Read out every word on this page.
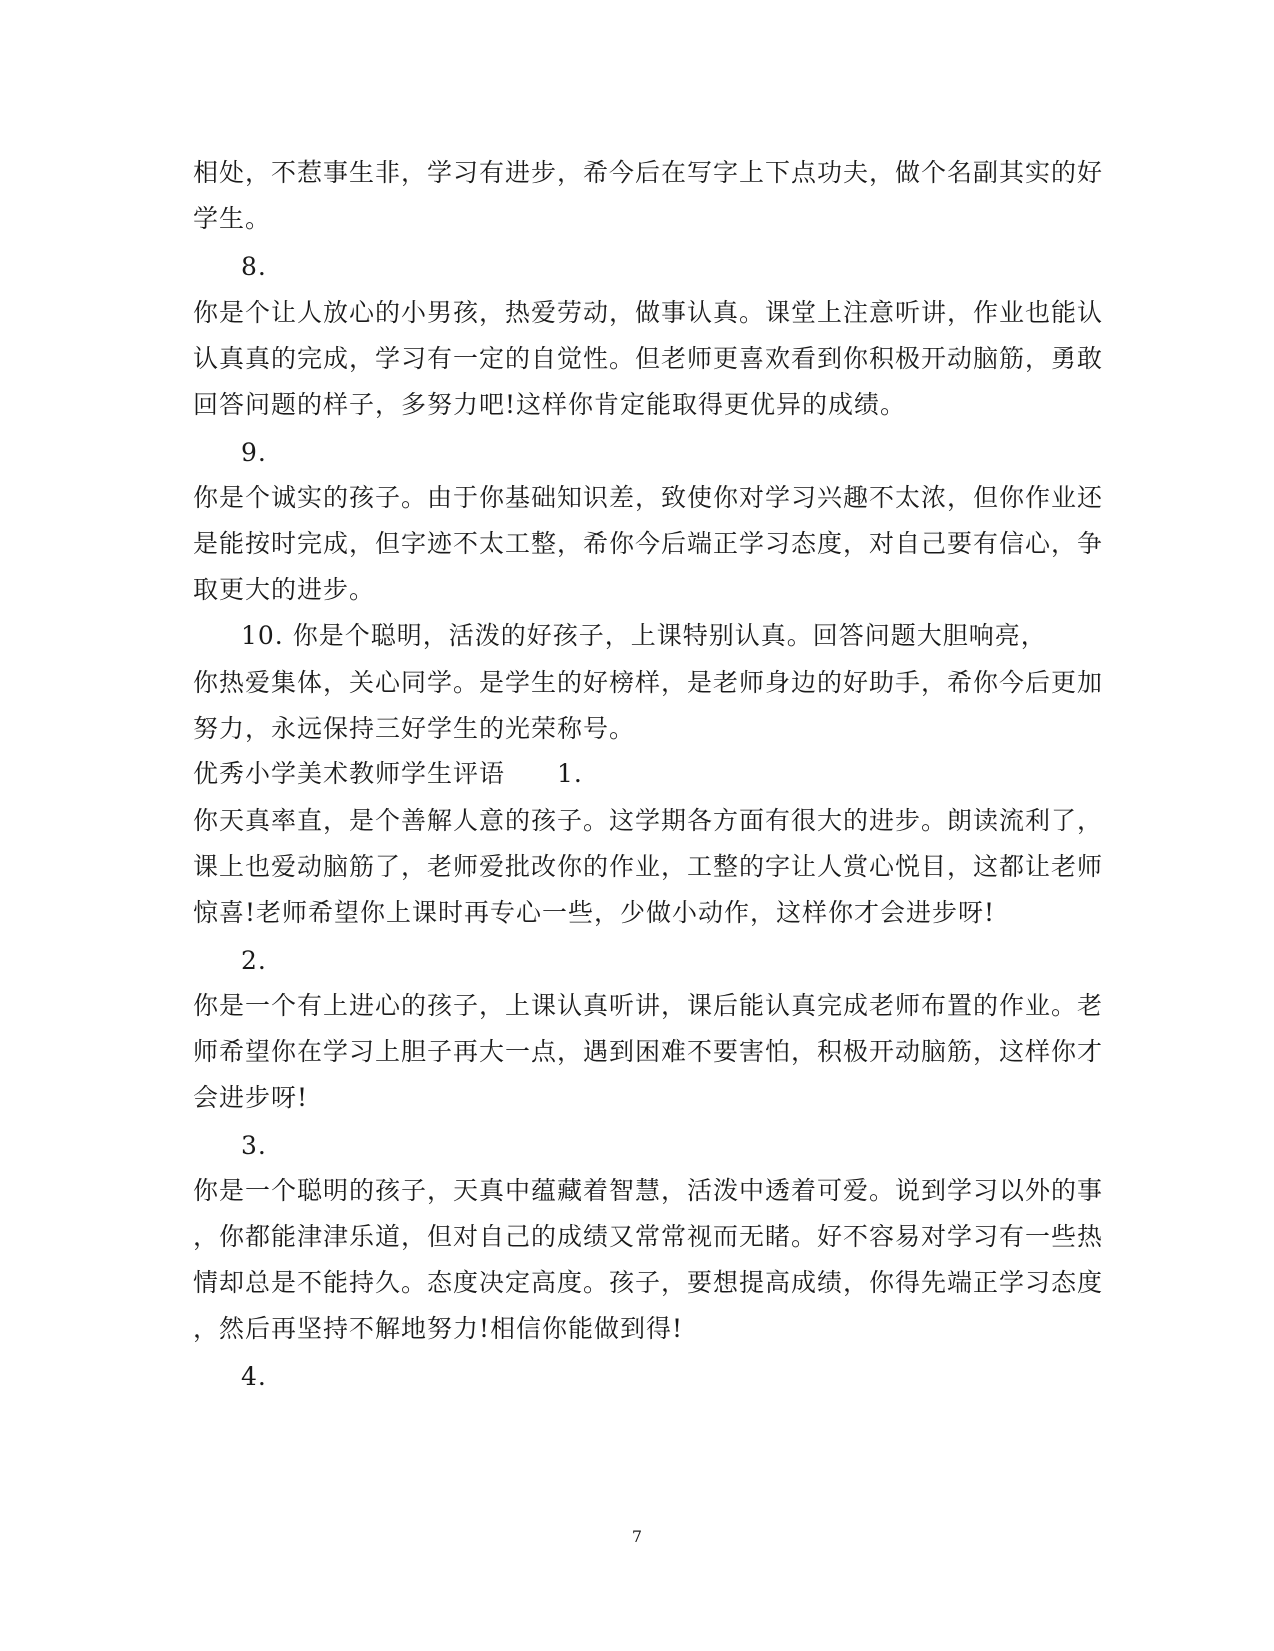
相处，不惹事生非，学习有进步，希今后在写字上下点功夫，做个名副其实的好
学生。
8.
你是个让人放心的小男孩，热爱劳动，做事认真。课堂上注意听讲，作业也能认
认真真的完成，学习有一定的自觉性。但老师更喜欢看到你积极开动脑筋，勇敢
回答问题的样子，多努力吧!这样你肯定能取得更优异的成绩。
9.
你是个诚实的孩子。由于你基础知识差，致使你对学习兴趣不太浓，但你作业还
是能按时完成，但字迹不太工整，希你今后端正学习态度，对自己要有信心，争
取更大的进步。
10. 你是个聪明，活泼的好孩子，上课特别认真。回答问题大胆响亮，
你热爱集体，关心同学。是学生的好榜样，是老师身边的好助手，希你今后更加
努力，永远保持三好学生的光荣称号。
优秀小学美术教师学生评语 1.
你天真率直，是个善解人意的孩子。这学期各方面有很大的进步。朗读流利了，
课上也爱动脑筋了，老师爱批改你的作业，工整的字让人赏心悦目，这都让老师
惊喜!老师希望你上课时再专心一些，少做小动作，这样你才会进步呀!
2.
你是一个有上进心的孩子，上课认真听讲，课后能认真完成老师布置的作业。老
师希望你在学习上胆子再大一点，遇到困难不要害怕，积极开动脑筋，这样你才
会进步呀!
3.
你是一个聪明的孩子，天真中蕴藏着智慧，活泼中透着可爱。说到学习以外的事
，你都能津津乐道，但对自己的成绩又常常视而无睹。好不容易对学习有一些热
情却总是不能持久。态度决定高度。孩子，要想提高成绩，你得先端正学习态度
，然后再坚持不解地努力!相信你能做到得!
4.
7
